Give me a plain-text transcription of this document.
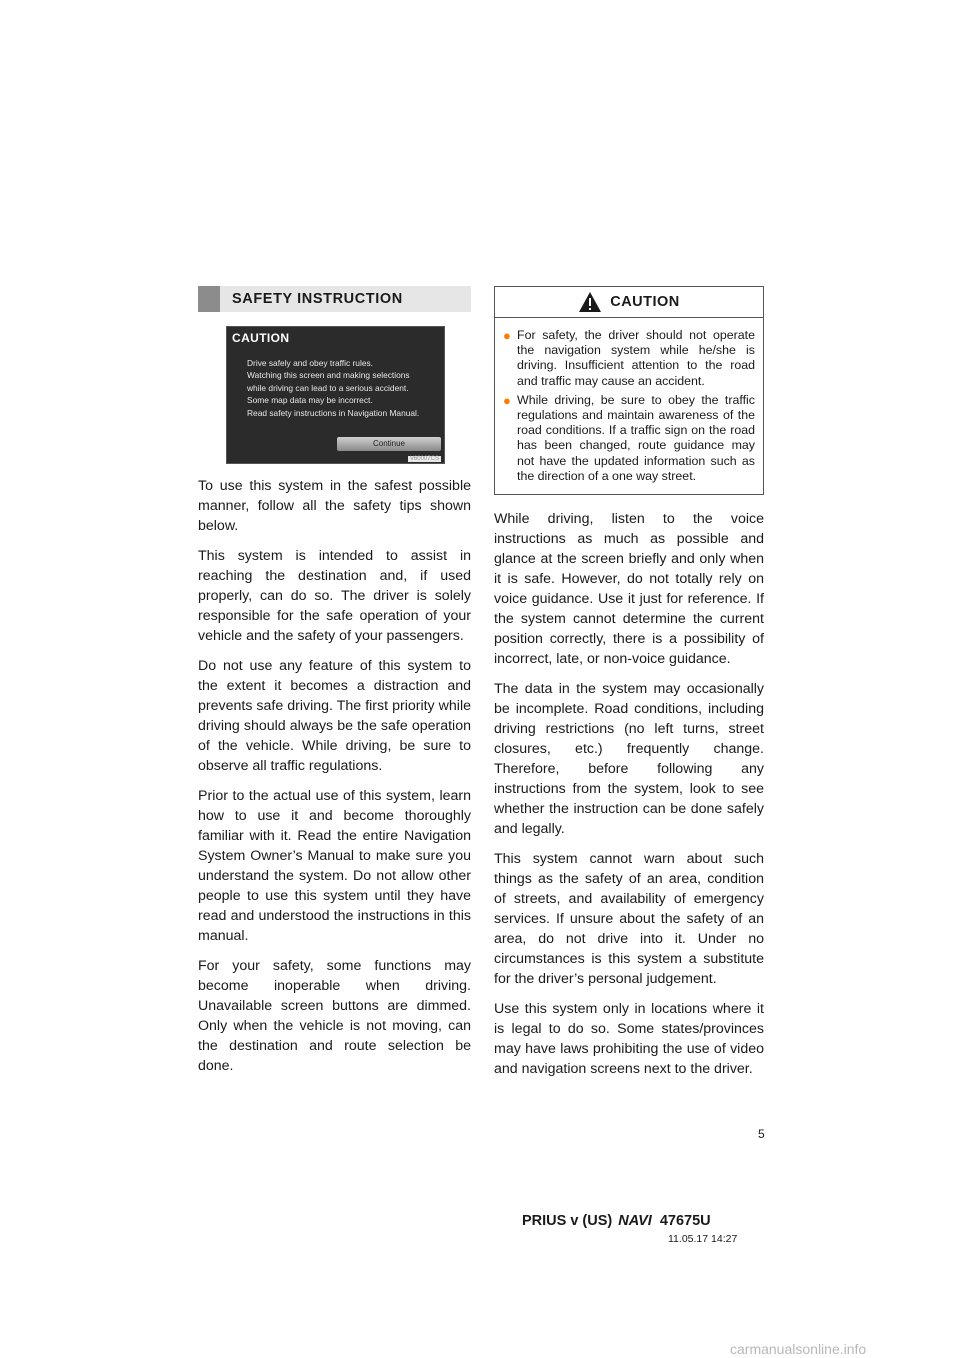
SAFETY INSTRUCTION
CAUTION
Drive safely and obey traffic rules.
Watching this screen and making selections
while driving can lead to a serious accident.
Some map data may be incorrect.
Read safety instructions in Navigation Manual.
Continue
V60007CS

To use this system in the safest possible manner, follow all the safety tips shown below.

This system is intended to assist in reaching the destination and, if used properly, can do so. The driver is solely responsible for the safe operation of your vehicle and the safety of your passengers.

Do not use any feature of this system to the extent it becomes a distraction and prevents safe driving. The first priority while driving should always be the safe operation of the vehicle. While driving, be sure to observe all traffic regulations.

Prior to the actual use of this system, learn how to use it and become thoroughly familiar with it. Read the entire Navigation System Owner’s Manual to make sure you understand the system. Do not allow other people to use this system until they have read and understood the instructions in this manual.

For your safety, some functions may become inoperable when driving. Unavailable screen buttons are dimmed. Only when the vehicle is not moving, can the destination and route selection be done.

CAUTION
● For safety, the driver should not operate the navigation system while he/she is driving. Insufficient attention to the road and traffic may cause an accident.
● While driving, be sure to obey the traffic regulations and maintain awareness of the road conditions. If a traffic sign on the road has been changed, route guidance may not have the updated information such as the direction of a one way street.

While driving, listen to the voice instructions as much as possible and glance at the screen briefly and only when it is safe. However, do not totally rely on voice guidance. Use it just for reference. If the system cannot determine the current position correctly, there is a possibility of incorrect, late, or non-voice guidance.

The data in the system may occasionally be incomplete. Road conditions, including driving restrictions (no left turns, street closures, etc.) frequently change. Therefore, before following any instructions from the system, look to see whether the instruction can be done safely and legally.

This system cannot warn about such things as the safety of an area, condition of streets, and availability of emergency services. If unsure about the safety of an area, do not drive into it. Under no circumstances is this system a substitute for the driver’s personal judgement.

Use this system only in locations where it is legal to do so. Some states/provinces may have laws prohibiting the use of video and navigation screens next to the driver.

5
PRIUS v (US) NAVI 47675U
11.05.17 14:27
carmanualsonline.info
